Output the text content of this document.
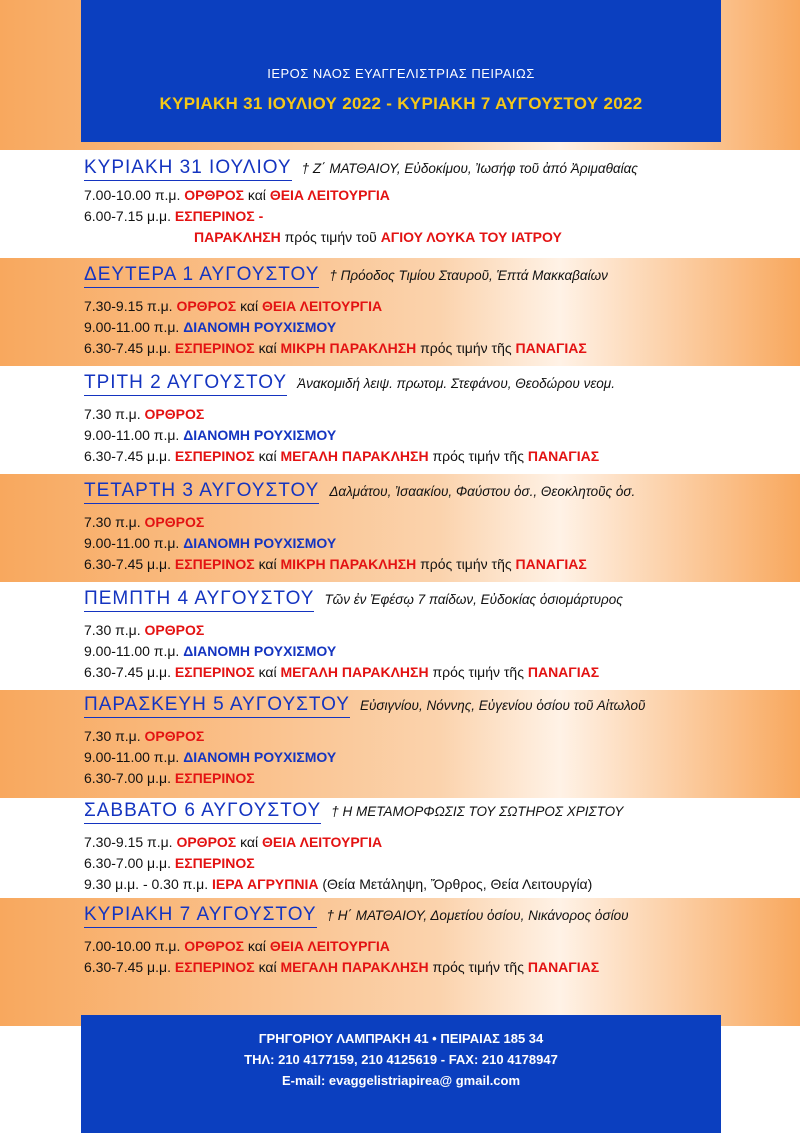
ΙΕΡΟΣ ΝΑΟΣ ΕΥΑΓΓΕΛΙΣΤΡΙΑΣ ΠΕΙΡΑΙΩΣ
ΚΥΡΙΑΚΗ 31 ΙΟΥΛΙΟΥ 2022 - ΚΥΡΙΑΚΗ 7 ΑΥΓΟΥΣΤΟΥ 2022
ΚΥΡΙΑΚΗ 31 ΙΟΥΛΙΟΥ † Ζ΄ ΜΑΤΘΑΙΟΥ, Εὐδοκίμου, Ἰωσήφ τοῦ ἀπό Ἀριμαθαίας
7.00-10.00 π.μ. ΟΡΘΡΟΣ καί ΘΕΙΑ ΛΕΙΤΟΥΡΓΙΑ
6.00-7.15 μ.μ. ΕΣΠΕΡΙΝΟΣ -
ΠΑΡΑΚΛΗΣΗ πρός τιμήν τοῦ ΑΓΙΟΥ ΛΟΥΚΑ ΤΟΥ ΙΑΤΡΟΥ
ΔΕΥΤΕΡΑ 1 ΑΥΓΟΥΣΤΟΥ † Πρόοδος Τιμίου Σταυροῦ, Ἑπτά Μακκαβαίων
7.30-9.15 π.μ. ΟΡΘΡΟΣ καί ΘΕΙΑ ΛΕΙΤΟΥΡΓΙΑ
9.00-11.00 π.μ. ΔΙΑΝΟΜΗ ΡΟΥΧΙΣΜΟΥ
6.30-7.45 μ.μ. ΕΣΠΕΡΙΝΟΣ καί ΜΙΚΡΗ ΠΑΡΑΚΛΗΣΗ πρός τιμήν τῆς ΠΑΝΑΓΙΑΣ
ΤΡΙΤΗ 2 ΑΥΓΟΥΣΤΟΥ Ἀνακομιδή λειψ. πρωτομ. Στεφάνου, Θεοδώρου νεομ.
7.30 π.μ. ΟΡΘΡΟΣ
9.00-11.00 π.μ. ΔΙΑΝΟΜΗ ΡΟΥΧΙΣΜΟΥ
6.30-7.45 μ.μ. ΕΣΠΕΡΙΝΟΣ καί ΜΕΓΑΛΗ ΠΑΡΑΚΛΗΣΗ πρός τιμήν τῆς ΠΑΝΑΓΙΑΣ
ΤΕΤΑΡΤΗ 3 ΑΥΓΟΥΣΤΟΥ Δαλμάτου, Ἰσαακίου, Φαύστου ὁσ., Θεοκλητοῦς ὁσ.
7.30 π.μ. ΟΡΘΡΟΣ
9.00-11.00 π.μ. ΔΙΑΝΟΜΗ ΡΟΥΧΙΣΜΟΥ
6.30-7.45 μ.μ. ΕΣΠΕΡΙΝΟΣ καί ΜΙΚΡΗ ΠΑΡΑΚΛΗΣΗ πρός τιμήν τῆς ΠΑΝΑΓΙΑΣ
ΠΕΜΠΤΗ 4 ΑΥΓΟΥΣΤΟΥ Τῶν ἐν Ἐφέσῳ 7 παίδων, Εὐδοκίας ὁσιομάρτυρος
7.30 π.μ. ΟΡΘΡΟΣ
9.00-11.00 π.μ. ΔΙΑΝΟΜΗ ΡΟΥΧΙΣΜΟΥ
6.30-7.45 μ.μ. ΕΣΠΕΡΙΝΟΣ καί ΜΕΓΑΛΗ ΠΑΡΑΚΛΗΣΗ πρός τιμήν τῆς ΠΑΝΑΓΙΑΣ
ΠΑΡΑΣΚΕΥΗ 5 ΑΥΓΟΥΣΤΟΥ Εὐσιγνίου, Νόννης, Εὐγενίου ὁσίου τοῦ Αἰτωλοῦ
7.30 π.μ. ΟΡΘΡΟΣ
9.00-11.00 π.μ. ΔΙΑΝΟΜΗ ΡΟΥΧΙΣΜΟΥ
6.30-7.00 μ.μ. ΕΣΠΕΡΙΝΟΣ
ΣΑΒΒΑΤΟ 6 ΑΥΓΟΥΣΤΟΥ † Η ΜΕΤΑΜΟΡΦΩΣΙΣ ΤΟΥ ΣΩΤΗΡΟΣ ΧΡΙΣΤΟΥ
7.30-9.15 π.μ. ΟΡΘΡΟΣ καί ΘΕΙΑ ΛΕΙΤΟΥΡΓΙΑ
6.30-7.00 μ.μ. ΕΣΠΕΡΙΝΟΣ
9.30 μ.μ. - 0.30 π.μ. ΙΕΡΑ ΑΓΡΥΠΝΙΑ (Θεία Μετάληψη, Ὄρθρος, Θεία Λειτουργία)
ΚΥΡΙΑΚΗ 7 ΑΥΓΟΥΣΤΟΥ † Η΄ ΜΑΤΘΑΙΟΥ, Δομετίου ὁσίου, Νικάνορος ὁσίου
7.00-10.00 π.μ. ΟΡΘΡΟΣ καί ΘΕΙΑ ΛΕΙΤΟΥΡΓΙΑ
6.30-7.45 μ.μ. ΕΣΠΕΡΙΝΟΣ καί ΜΕΓΑΛΗ ΠΑΡΑΚΛΗΣΗ πρός τιμήν τῆς ΠΑΝΑΓΙΑΣ
ΓΡΗΓΟΡΙΟΥ ΛΑΜΠΡΑΚΗ 41 • ΠΕΙΡΑΙΑΣ 185 34
ΤΗΛ: 210 4177159, 210 4125619 - FAX: 210 4178947
E-mail: evaggelistriapirea@ gmail.com
